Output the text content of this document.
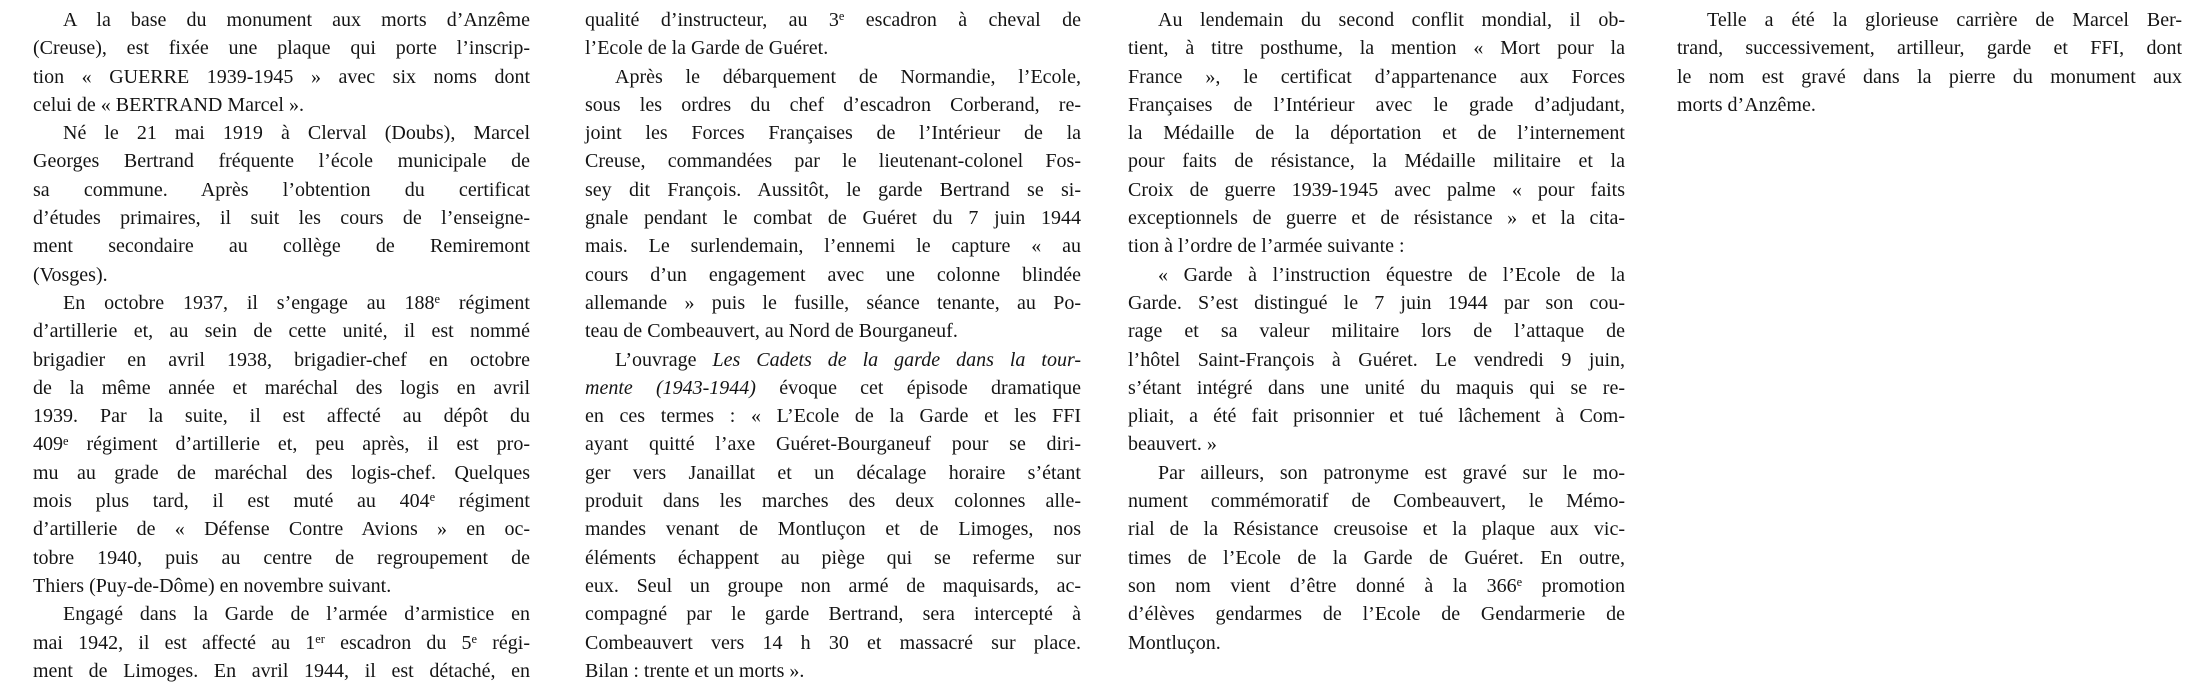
A la base du monument aux morts d’Anzême
(Creuse), est fixée une plaque qui porte l’inscrip-
tion « GUERRE 1939-1945 » avec six noms dont
celui de « BERTRAND Marcel ».
Né le 21 mai 1919 à Clerval (Doubs), Marcel
Georges Bertrand fréquente l’école municipale de
sa commune. Après l’obtention du certificat
d’études primaires, il suit les cours de l’enseigne-
ment secondaire au collège de Remiremont
(Vosges).
En octobre 1937, il s’engage au 188e régiment
d’artillerie et, au sein de cette unité, il est nommé
brigadier en avril 1938, brigadier-chef en octobre
de la même année et maréchal des logis en avril
1939. Par la suite, il est affecté au dépôt du
409e régiment d’artillerie et, peu après, il est pro-
mu au grade de maréchal des logis-chef. Quelques
mois plus tard, il est muté au 404e régiment
d’artillerie de « Défense Contre Avions » en oc-
tobre 1940, puis au centre de regroupement de
Thiers (Puy-de-Dôme) en novembre suivant.
Engagé dans la Garde de l’armée d’armistice en
mai 1942, il est affecté au 1er escadron du 5e régi-
ment de Limoges. En avril 1944, il est détaché, en
qualité d’instructeur, au 3e escadron à cheval de
l’Ecole de la Garde de Guéret.
Après le débarquement de Normandie, l’Ecole,
sous les ordres du chef d’escadron Corberand, re-
joint les Forces Françaises de l’Intérieur de la
Creuse, commandées par le lieutenant-colonel Fos-
sey dit François. Aussitôt, le garde Bertrand se si-
gnale pendant le combat de Guéret du 7 juin 1944
mais. Le surlendemain, l’ennemi le capture « au
cours d’un engagement avec une colonne blindée
allemande » puis le fusille, séance tenante, au Po-
teau de Combeauvert, au Nord de Bourganeuf.
L’ouvrage Les Cadets de la garde dans la tour-
mente (1943-1944) évoque cet épisode dramatique
en ces termes : « L’Ecole de la Garde et les FFI
ayant quitté l’axe Guéret-Bourganeuf pour se diri-
ger vers Janaillat et un décalage horaire s’étant
produit dans les marches des deux colonnes alle-
mandes venant de Montluçon et de Limoges, nos
éléments échappent au piège qui se referme sur
eux. Seul un groupe non armé de maquisards, ac-
compagné par le garde Bertrand, sera intercepté à
Combeauvert vers 14 h 30 et massacré sur place.
Bilan : trente et un morts ».
Au lendemain du second conflit mondial, il ob-
tient, à titre posthume, la mention « Mort pour la
France », le certificat d’appartenance aux Forces
Françaises de l’Intérieur avec le grade d’adjudant,
la Médaille de la déportation et de l’internement
pour faits de résistance, la Médaille militaire et la
Croix de guerre 1939-1945 avec palme « pour faits
exceptionnels de guerre et de résistance » et la cita-
tion à l’ordre de l’armée suivante :
« Garde à l’instruction équestre de l’Ecole de la
Garde. S’est distingué le 7 juin 1944 par son cou-
rage et sa valeur militaire lors de l’attaque de
l’hôtel Saint-François à Guéret. Le vendredi 9 juin,
s’étant intégré dans une unité du maquis qui se re-
pliait, a été fait prisonnier et tué lâchement à Com-
beauvert. »
Par ailleurs, son patronyme est gravé sur le mo-
nument commémoratif de Combeauvert, le Mémo-
rial de la Résistance creusoise et la plaque aux vic-
times de l’Ecole de la Garde de Guéret. En outre,
son nom vient d’être donné à la 366e promotion
d’élèves gendarmes de l’Ecole de Gendarmerie de
Montluçon.
Telle a été la glorieuse carrière de Marcel Ber-
trand, successivement, artilleur, garde et FFI, dont
le nom est gravé dans la pierre du monument aux
morts d’Anzême.
